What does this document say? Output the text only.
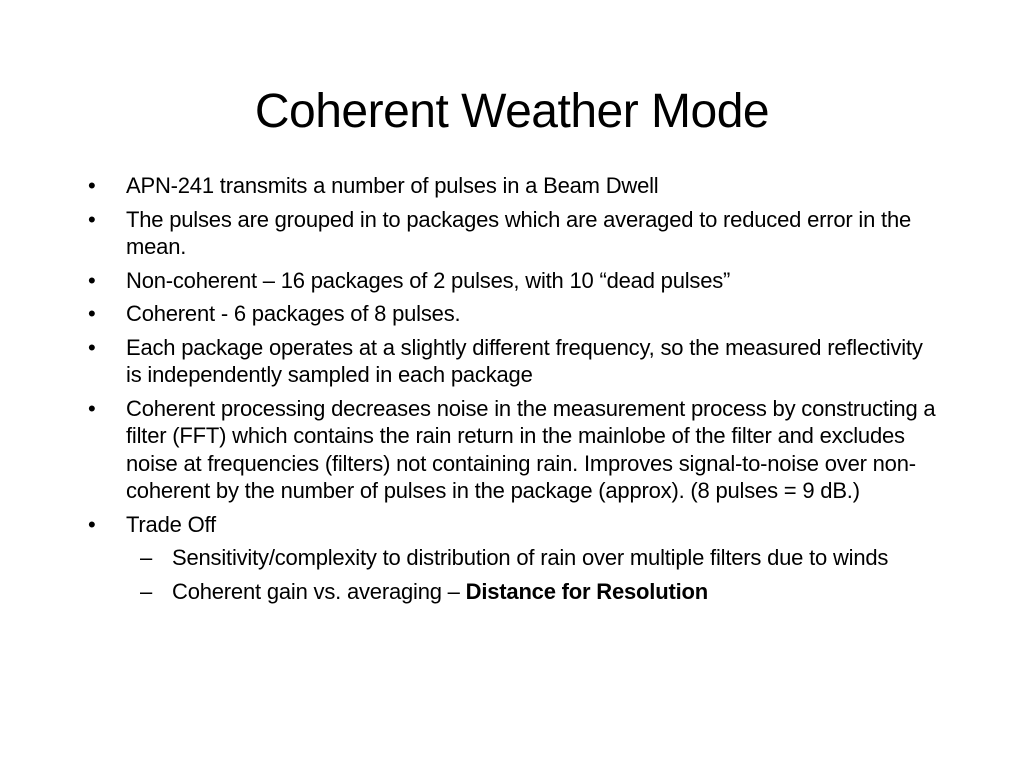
Coherent Weather Mode
• APN-241 transmits a number of pulses in a Beam Dwell
• The pulses are grouped in to packages which are averaged to reduced error in the mean.
• Non-coherent – 16 packages of 2 pulses, with 10 “dead pulses”
• Coherent - 6 packages of 8 pulses.
• Each package operates at a slightly different frequency, so the measured reflectivity is independently sampled in each package
• Coherent processing decreases noise in the measurement process by constructing a filter (FFT) which contains the rain return in the mainlobe of the filter and excludes noise at frequencies (filters) not containing rain. Improves signal-to-noise over non-coherent by the number of pulses in the package (approx). (8 pulses = 9 dB.)
• Trade Off
– Sensitivity/complexity to distribution of rain over multiple filters due to winds
– Coherent gain vs. averaging – Distance for Resolution
